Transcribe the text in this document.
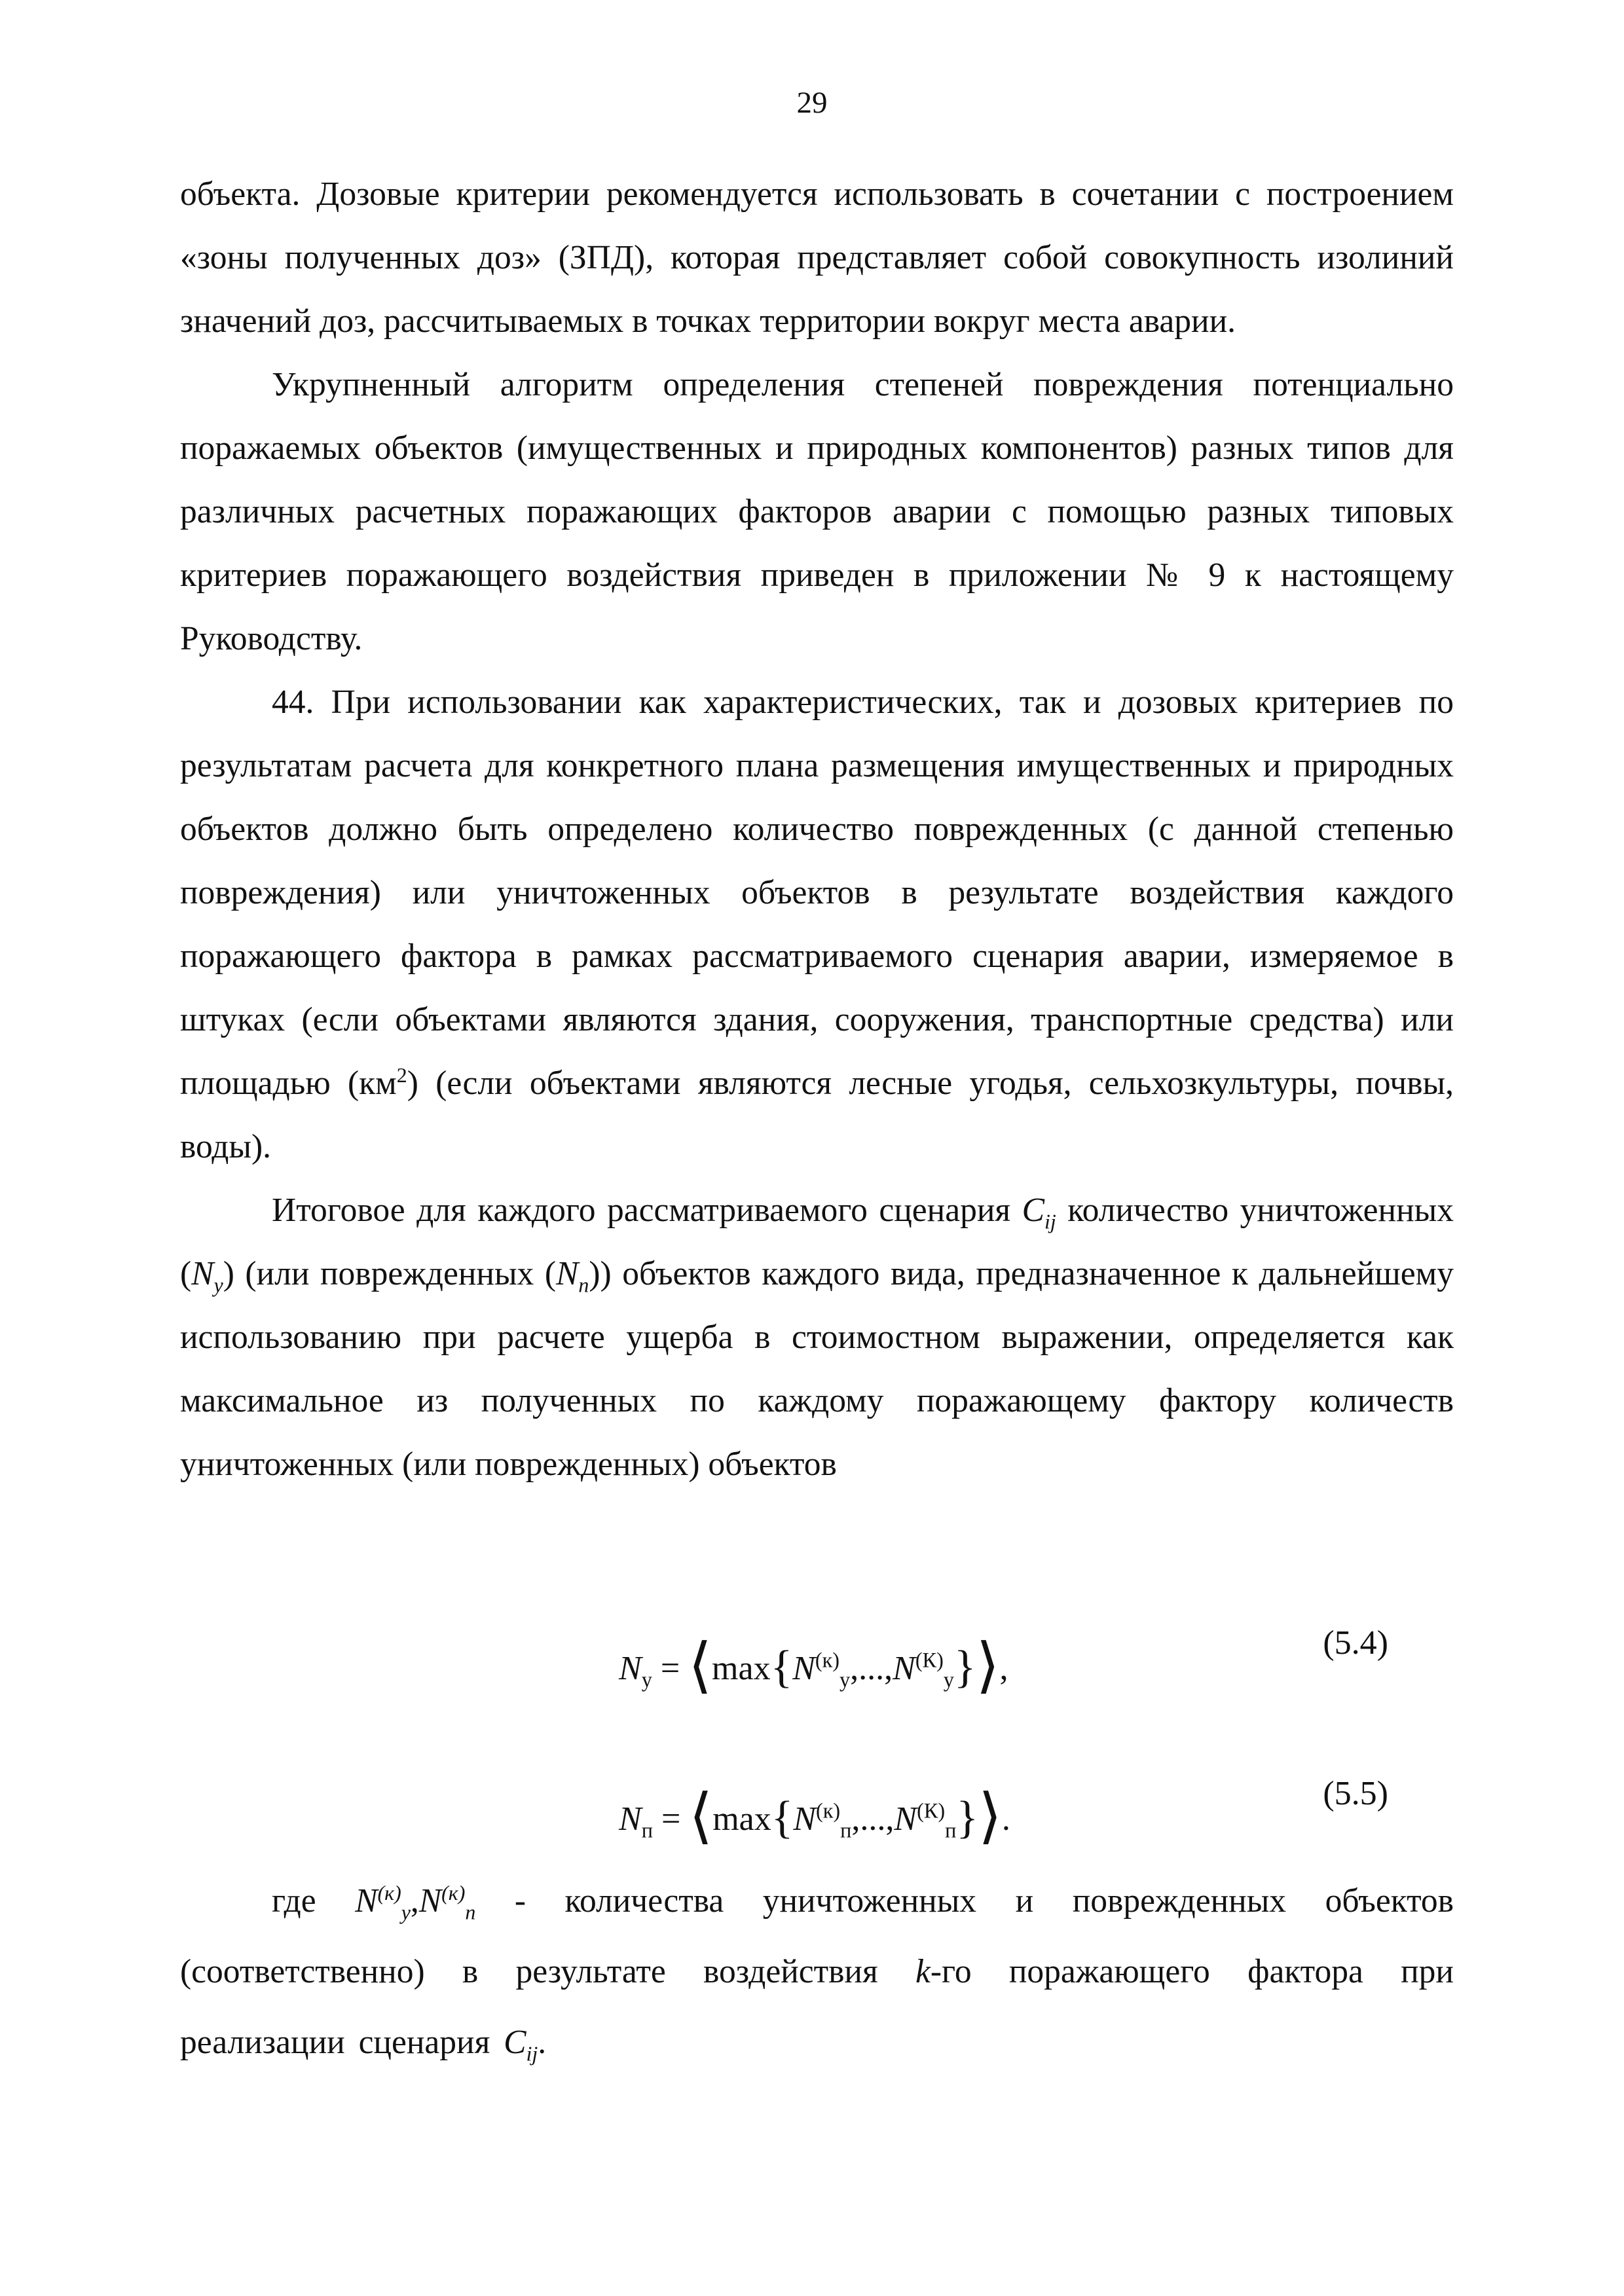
29

объекта. Дозовые критерии рекомендуется использовать в сочетании с построением «зоны полученных доз» (ЗПД), которая представляет собой совокупность изолиний значений доз, рассчитываемых в точках территории вокруг места аварии.

Укрупненный алгоритм определения степеней повреждения потенциально поражаемых объектов (имущественных и природных компонентов) разных типов для различных расчетных поражающих факторов аварии с помощью разных типовых критериев поражающего воздействия приведен в приложении № 9 к настоящему Руководству.

44. При использовании как характеристических, так и дозовых критериев по результатам расчета для конкретного плана размещения имущественных и природных объектов должно быть определено количество поврежденных (с данной степенью повреждения) или уничтоженных объектов в результате воздействия каждого поражающего фактора в рамках рассматриваемого сценария аварии, измеряемое в штуках (если объектами являются здания, сооружения, транспортные средства) или площадью $(км^2)$ (если объектами являются лесные угодья, сельхозкультуры, почвы, воды).

Итоговое для каждого рассматриваемого сценария $C_{ij}$ количество уничтоженных $(N_у)$ (или поврежденных $(N_п)$) объектов каждого вида, предназначенное к дальнейшему использованию при расчете ущерба в стоимостном выражении, определяется как максимальное из полученных по каждому поражающему фактору количеств уничтоженных (или поврежденных) объектов

$N_у$ = $⟨\max\{N^{(к)}_у,...,N^{(К)}_у\}⟩$,
(5.4)
$N_п$ = $⟨\max\{N^{(к)}_п,...,N^{(К)}_п\}⟩$.
(5.5)

где $N^{(к)}_y,N^{(к)}_n$ - количества уничтоженных и поврежденных объектов (соответственно) в результате воздействия k-го поражающего фактора при реализации сценария $C_{ij}$.
